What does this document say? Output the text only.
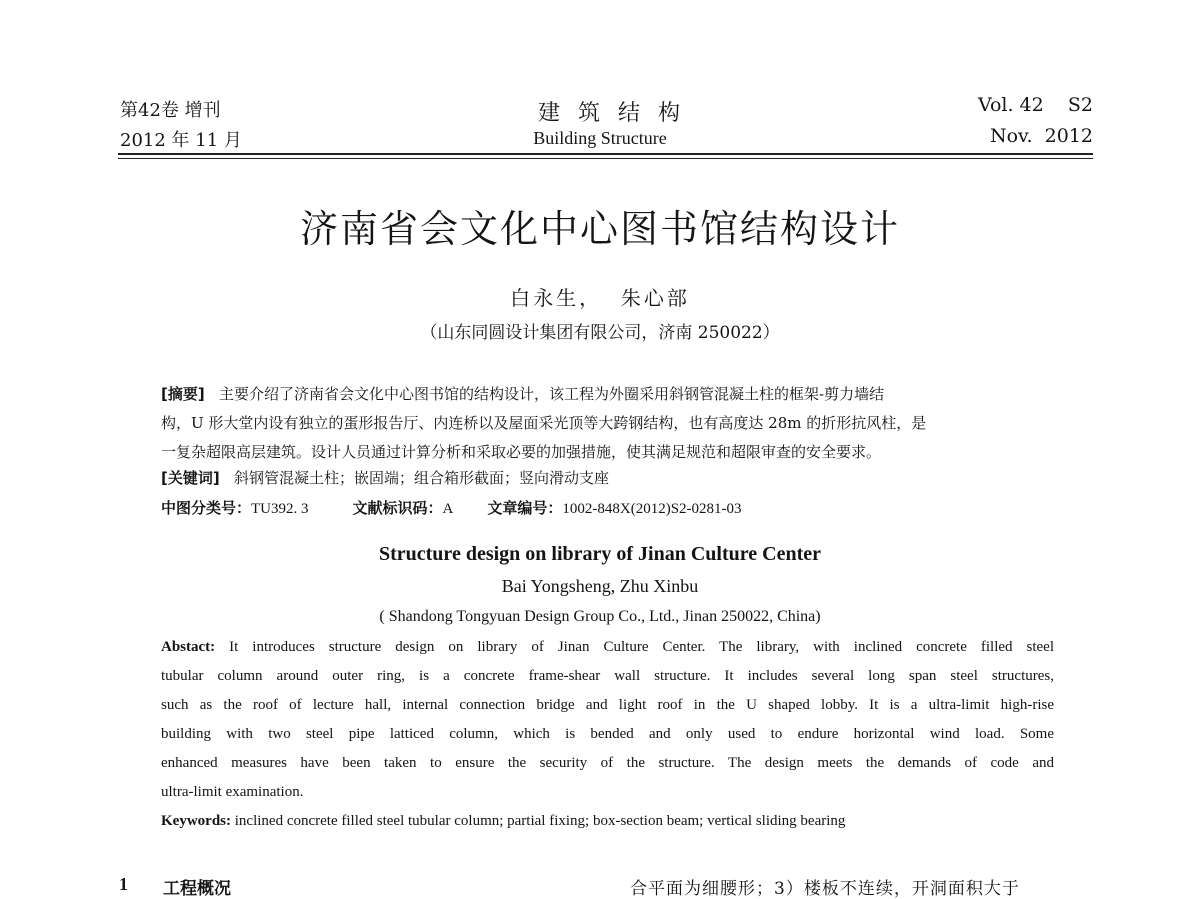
第42卷 增刊
2012 年 11 月
建筑结构
Building Structure
Vol. 42    S2
Nov.  2012
济南省会文化中心图书馆结构设计
白永生，  朱心部
（山东同圆设计集团有限公司，济南 250022）
[摘要] 主要介绍了济南省会文化中心图书馆的结构设计，该工程为外圈采用斜钢管混凝土柱的框架-剪力墙结
构，U 形大堂内设有独立的蛋形报告厅、内连桥以及屋面采光顶等大跨钢结构，也有高度达 28m 的折形抗风柱，是
一复杂超限高层建筑。设计人员通过计算分析和采取必要的加强措施，使其满足规范和超限审查的安全要求。
[关键词] 斜钢管混凝土柱；嵌固端；组合箱形截面；竖向滑动支座
中图分类号：TU392. 3	文献标识码：A 文章编号：1002-848X(2012)S2-0281-03
Structure design on library of Jinan Culture Center
Bai Yongsheng, Zhu Xinbu
( Shandong Tongyuan Design Group Co., Ltd., Jinan 250022, China)
Abstact: It introduces structure design on library of Jinan Culture Center. The library, with inclined concrete filled steel
tubular column around outer ring, is a concrete frame-shear wall structure. It includes several long span steel structures,
such as the roof of lecture hall, internal connection bridge and light roof in the U shaped lobby. It is a ultra-limit high-rise
building with two steel pipe latticed column, which is bended and only used to endure horizontal wind load. Some
enhanced measures have been taken to ensure the security of the structure. The design meets the demands of code and
ultra-limit examination.
Keywords: inclined concrete filled steel tubular column; partial fixing; box-section beam; vertical sliding bearing
1 工程概况	合平面为细腰形；3）楼板不连续，开洞面积大于
